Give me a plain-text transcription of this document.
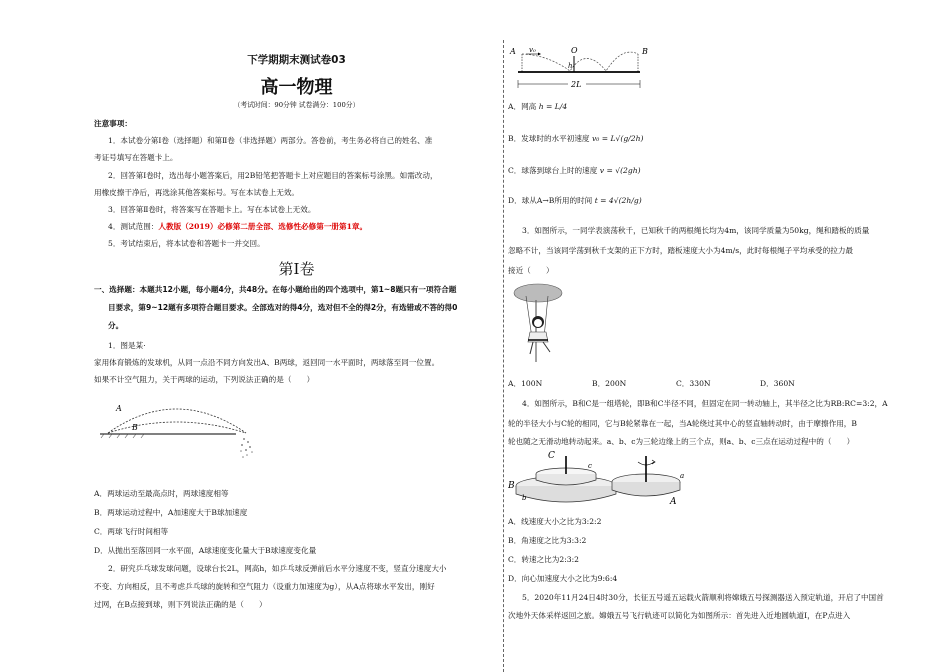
下学期期末测试卷03
高一物理
（考试时间：90分钟 试卷满分：100分）
注意事项：
1．本试卷分第Ⅰ卷（选择题）和第Ⅱ卷（非选择题）两部分。答卷前，考生务必将自己的姓名、准
考证号填写在答题卡上。
2．回答第Ⅰ卷时，选出每小题答案后，用2B铅笔把答题卡上对应题目的答案标号涂黑。如需改动，
用橡皮擦干净后，再选涂其他答案标号。写在本试卷上无效。
3．回答第Ⅱ卷时，将答案写在答题卡上。写在本试卷上无效。
4．测试范围：人教版（2019）必修第二册全部、选修性必修第一册第1章。
5．考试结束后，将本试卷和答题卡一并交回。
第Ⅰ卷
一、选择题：本题共12小题，每小题4分，共48分。在每小题给出的四个选项中，第1~8题只有一项符合题
目要求，第9~12题有多项符合题目要求。全部选对的得4分，选对但不全的得2分，有选错或不答的得0
分。
1．图是某·
家用体育锻炼的发球机，从同一点沿不同方向发出A、B两球，返回同一水平面时，两球落至同一位置。
如果不计空气阻力，关于两球的运动，下列说法正确的是（　　）
A
B
A．两球运动至最高点时，两球速度相等
B．两球运动过程中，A加速度大于B球加速度
C．两球飞行时间相等
D．从抛出至落回同一水平面，A球速度变化量大于B球速度变化量
2．研究乒乓球发球问题，设球台长2L，网高h，如乒乓球反弹前后水平分速度不变，竖直分速度大小
不变、方向相反，且不考虑乒乓球的旋转和空气阻力（设重力加速度为g），从A点将球水平发出，刚好
过网，在B点接到球，则下列说法正确的是（　　）
A v₀	O
h
B
2L
A．网高 h = L/4
B．发球时的水平初速度 v₀ = L√(g/2h)
C．球落到球台上时的速度 v = √(2gh)
D．球从A→B所用的时间 t = 4√(2h/g)
3．如图所示，一同学表演荡秋千，已知秋千的两根绳长均为4m，该同学质量为50kg，绳和踏板的质量
忽略不计，当该同学荡到秋千支架的正下方时，踏板速度大小为4m/s，此时每根绳子平均承受的拉力最
接近（　　）
A．100N	B．200N	C．330N	D．360N
4．如图所示，B和C是一组塔轮，即B和C半径不同，但固定在同一转动轴上，其半径之比为RB:RC=3:2，A
轮的半径大小与C轮的相同，它与B轮紧靠在一起，当A轮绕过其中心的竖直轴转动时，由于摩擦作用，B
轮也随之无滑动地转动起来。a、b、c为三轮边缘上的三个点，则a、b、c三点在运动过程中的（　　）
C
c
a
B
b	A
A．线速度大小之比为3:2:2
B．角速度之比为3:3:2
C．转速之比为2:3:2
D．向心加速度大小之比为9:6:4
5．2020年11月24日4时30分，长征五号遥五运载火箭顺利将嫦娥五号探测器送入预定轨道，开启了中国首
次地外天体采样返回之旅。嫦娥五号飞行轨迹可以简化为如图所示：首先进入近地圆轨道Ⅰ，在P点进入
